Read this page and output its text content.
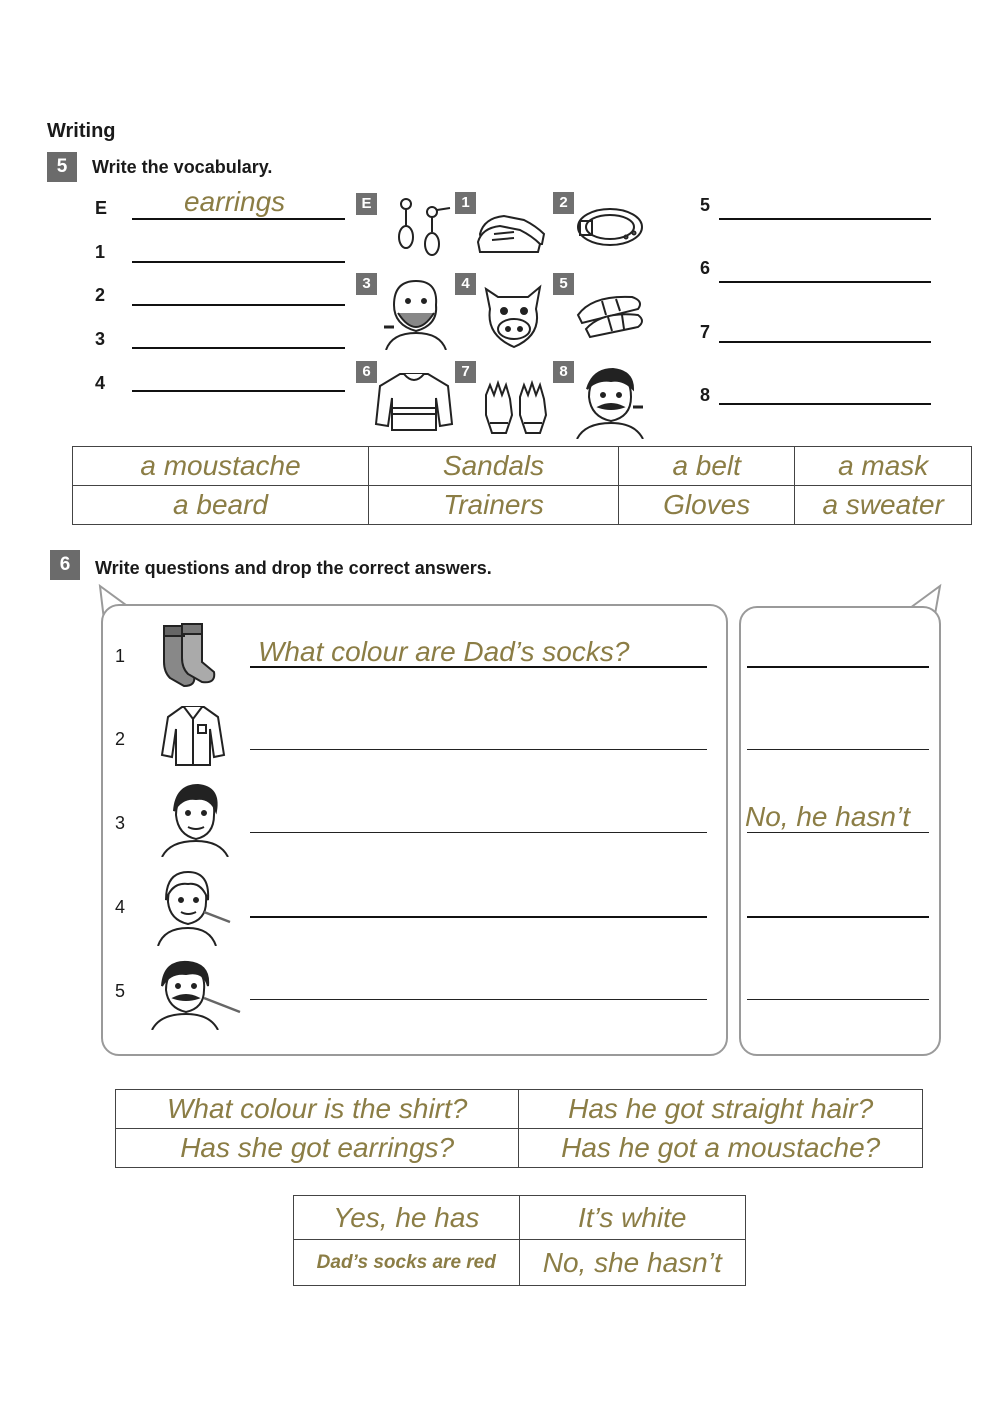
Writing
5	Write the vocabulary.
E
1
2
3
4
earrings	5
6
7
8
E	1	2
3	4	5
6	7	8
a moustache	Sandals	a belt	a mask
a beard	Trainers	Gloves	a sweater
6	Write questions and drop the correct answers.
1
2
3
4
5
What colour are Dad’s socks?
No, he hasn’t
What colour is the shirt?	Has he got straight hair?
Has she got earrings?	Has he got a moustache?
Yes, he has	It’s white
Dad’s socks are red	No, she hasn’t
